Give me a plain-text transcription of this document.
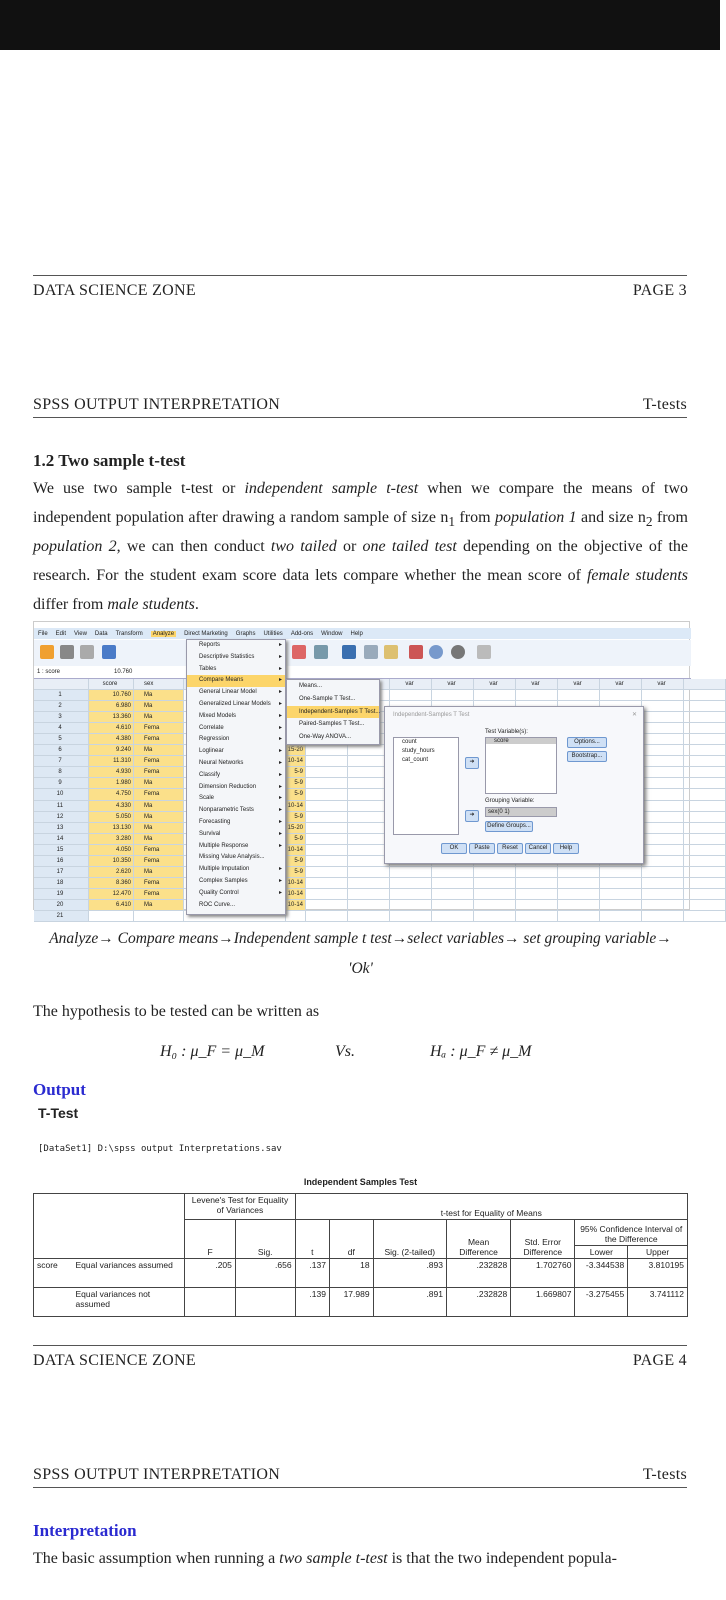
DATA SCIENCE ZONE	PAGE 3
SPSS OUTPUT INTERPRETATION	T-tests
1.2 Two sample t-test
We use two sample t-test or independent sample t-test when we compare the means of two independent population after drawing a random sample of size $n_1$ from population 1 and size $n_2$ from population 2, we can then conduct two tailed or one tailed test depending on the objective of the research. For the student exam score data lets compare whether the mean score of female students differ from male students.
File Edit View Data Transform	Analyze	Direct Marketing Graphs Utilities Add-ons Window Help
1 : score	10.760
score	sex	var	var	var	var	var	var	var
1	10.760	Ma
2	6.980	Ma
3	13.360	Ma
4	4.610	Fema
5	4.380	Fema
6	9.240	Ma	15-20
7	11.310	Fema	10-14
8	4.930	Fema	5-9
9	1.980	Ma	5-9
10	4.750	Fema	5-9
11	4.330	Ma	10-14
12	5.050	Ma	5-9
13	13.130	Ma	15-20
14	3.280	Ma	5-9
15	4.050	Fema	10-14
16	10.350	Fema	5-9
17	2.620	Ma	5-9
18	8.360	Fema	10-14
19	12.470	Fema	10-14
20	6.410	Ma	10-14
21
Reports	▸
Descriptive Statistics	▸
Tables	▸
Compare Means	▸
General Linear Model	▸
Generalized Linear Models ▸
Mixed Models	▸
Correlate	▸
Regression	▸
Loglinear	▸
Neural Networks	▸
Classify	▸
Dimension Reduction	▸
Scale	▸
Nonparametric Tests	▸
Forecasting	▸
Survival	▸
Multiple Response	▸
Missing Value Analysis...
Multiple Imputation	▸
Complex Samples	▸
Quality Control	▸
ROC Curve...
Means...
One-Sample T Test...
Independent-Samples T Test...
Paired-Samples T Test...
One-Way ANOVA...
Independent-Samples T Test	✕
count
study_hours
cat_count	➜
Test Variable(s):
score
➜
Grouping Variable:
sex(0 1)
Define Groups...
Options...
Bootstrap...
OK	Paste	Reset	Cancel	Help
Analyze→ Compare means→Independent sample t test→select variables→ set grouping variable→
'Ok'
The hypothesis to be tested can be written as
H₀ : μ_F = μ_M	Vs.	Hₐ : μ_F ≠ μ_M
Output
T-Test
[DataSet1] D:\spss output Interpretations.sav
Independent Samples Test
		Levene's Test for Equality of Variances		t-test for Equality of Means						
		F	Sig.	t	df	Sig. (2-tailed)	Mean Difference	Std. Error Difference	95% Confidence Interval of the Difference	
									Lower	Upper
score	Equal variances assumed	.205	.656	.137	18	.893	.232828	1.702760	-3.344538	3.810195
	Equal variances not assumed			.139	17.989	.891	.232828	1.669807	-3.275455	3.741112
DATA SCIENCE ZONE	PAGE 4
SPSS OUTPUT INTERPRETATION	T-tests
Interpretation
The basic assumption when running a two sample t-test is that the two independent popula-
